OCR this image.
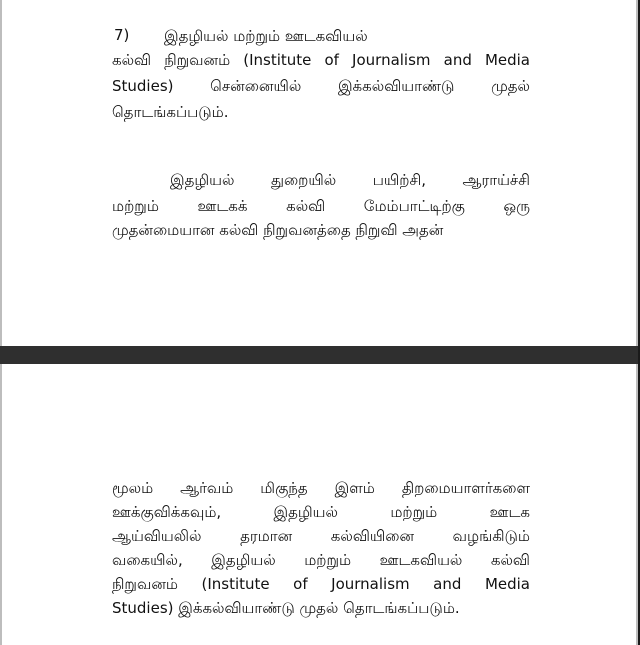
7) இதழியல் மற்றும் ஊடகவியல்
கல்வி நிறுவனம் (Institute of Journalism and Media
Studies) சென்னையில் இக்கல்வியாண்டு முதல்
தொடங்கப்படும்.
இதழியல் துறையில் பயிற்சி, ஆராய்ச்சி
மற்றும் ஊடகக் கல்வி மேம்பாட்டிற்கு ஒரு
முதன்மையான கல்வி நிறுவனத்தை நிறுவி அதன்
மூலம் ஆர்வம் மிகுந்த இளம் திறமையாளர்களை
ஊக்குவிக்கவும், இதழியல் மற்றும் ஊடக
ஆய்வியலில் தரமான கல்வியினை வழங்கிடும்
வகையில், இதழியல் மற்றும் ஊடகவியல் கல்வி
நிறுவனம் (Institute of Journalism and Media
Studies) இக்கல்வியாண்டு முதல் தொடங்கப்படும்.
